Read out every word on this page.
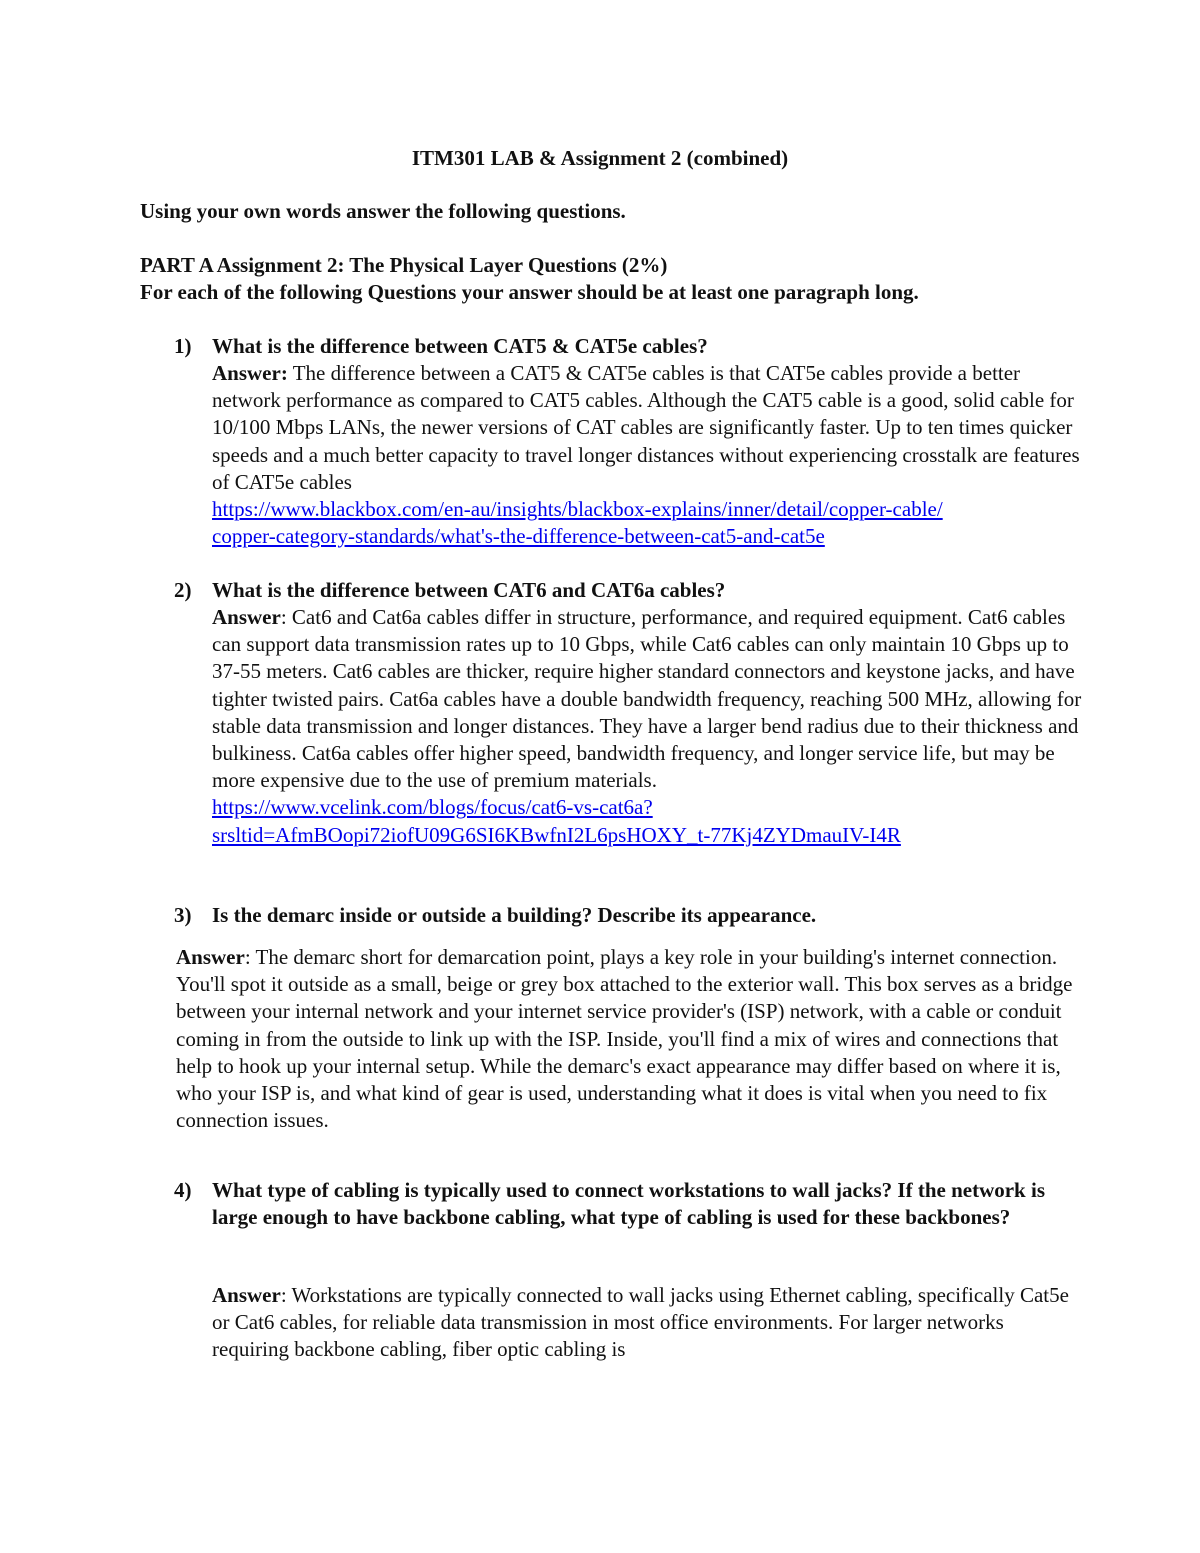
ITM301 LAB & Assignment 2 (combined)

Using your own words answer the following questions.

PART A Assignment 2: The Physical Layer Questions (2%)
For each of the following Questions your answer should be at least one paragraph long.
1) What is the difference between CAT5 & CAT5e cables?
Answer: The difference between a CAT5 & CAT5e cables is that CAT5e cables provide a better network performance as compared to CAT5 cables. Although the CAT5 cable is a good, solid cable for 10/100 Mbps LANs, the newer versions of CAT cables are significantly faster. Up to ten times quicker speeds and a much better capacity to travel longer distances without experiencing crosstalk are features of CAT5e cables
https://www.blackbox.com/en-au/insights/blackbox-explains/inner/detail/copper-cable/
copper-category-standards/what's-the-difference-between-cat5-and-cat5e
2) What is the difference between CAT6 and CAT6a cables?
Answer: Cat6 and Cat6a cables differ in structure, performance, and required equipment. Cat6 cables can support data transmission rates up to 10 Gbps, while Cat6 cables can only maintain 10 Gbps up to 37-55 meters. Cat6 cables are thicker, require higher standard connectors and keystone jacks, and have tighter twisted pairs. Cat6a cables have a double bandwidth frequency, reaching 500 MHz, allowing for stable data transmission and longer distances. They have a larger bend radius due to their thickness and bulkiness. Cat6a cables offer higher speed, bandwidth frequency, and longer service life, but may be more expensive due to the use of premium materials.
https://www.vcelink.com/blogs/focus/cat6-vs-cat6a?
srsltid=AfmBOopi72iofU09G6SI6KBwfnI2L6psHOXY_t-77Kj4ZYDmauIV-I4R
3) Is the demarc inside or outside a building? Describe its appearance.
Answer: The demarc short for demarcation point, plays a key role in your building's internet connection. You'll spot it outside as a small, beige or grey box attached to the exterior wall. This box serves as a bridge between your internal network and your internet service provider's (ISP) network, with a cable or conduit coming in from the outside to link up with the ISP. Inside, you'll find a mix of wires and connections that help to hook up your internal setup. While the demarc's exact appearance may differ based on where it is, who your ISP is, and what kind of gear is used, understanding what it does is vital when you need to fix connection issues.
4) What type of cabling is typically used to connect workstations to wall jacks? If the network is large enough to have backbone cabling, what type of cabling is used for these backbones?
Answer: Workstations are typically connected to wall jacks using Ethernet cabling, specifically Cat5e or Cat6 cables, for reliable data transmission in most office environments. For larger networks requiring backbone cabling, fiber optic cabling is
